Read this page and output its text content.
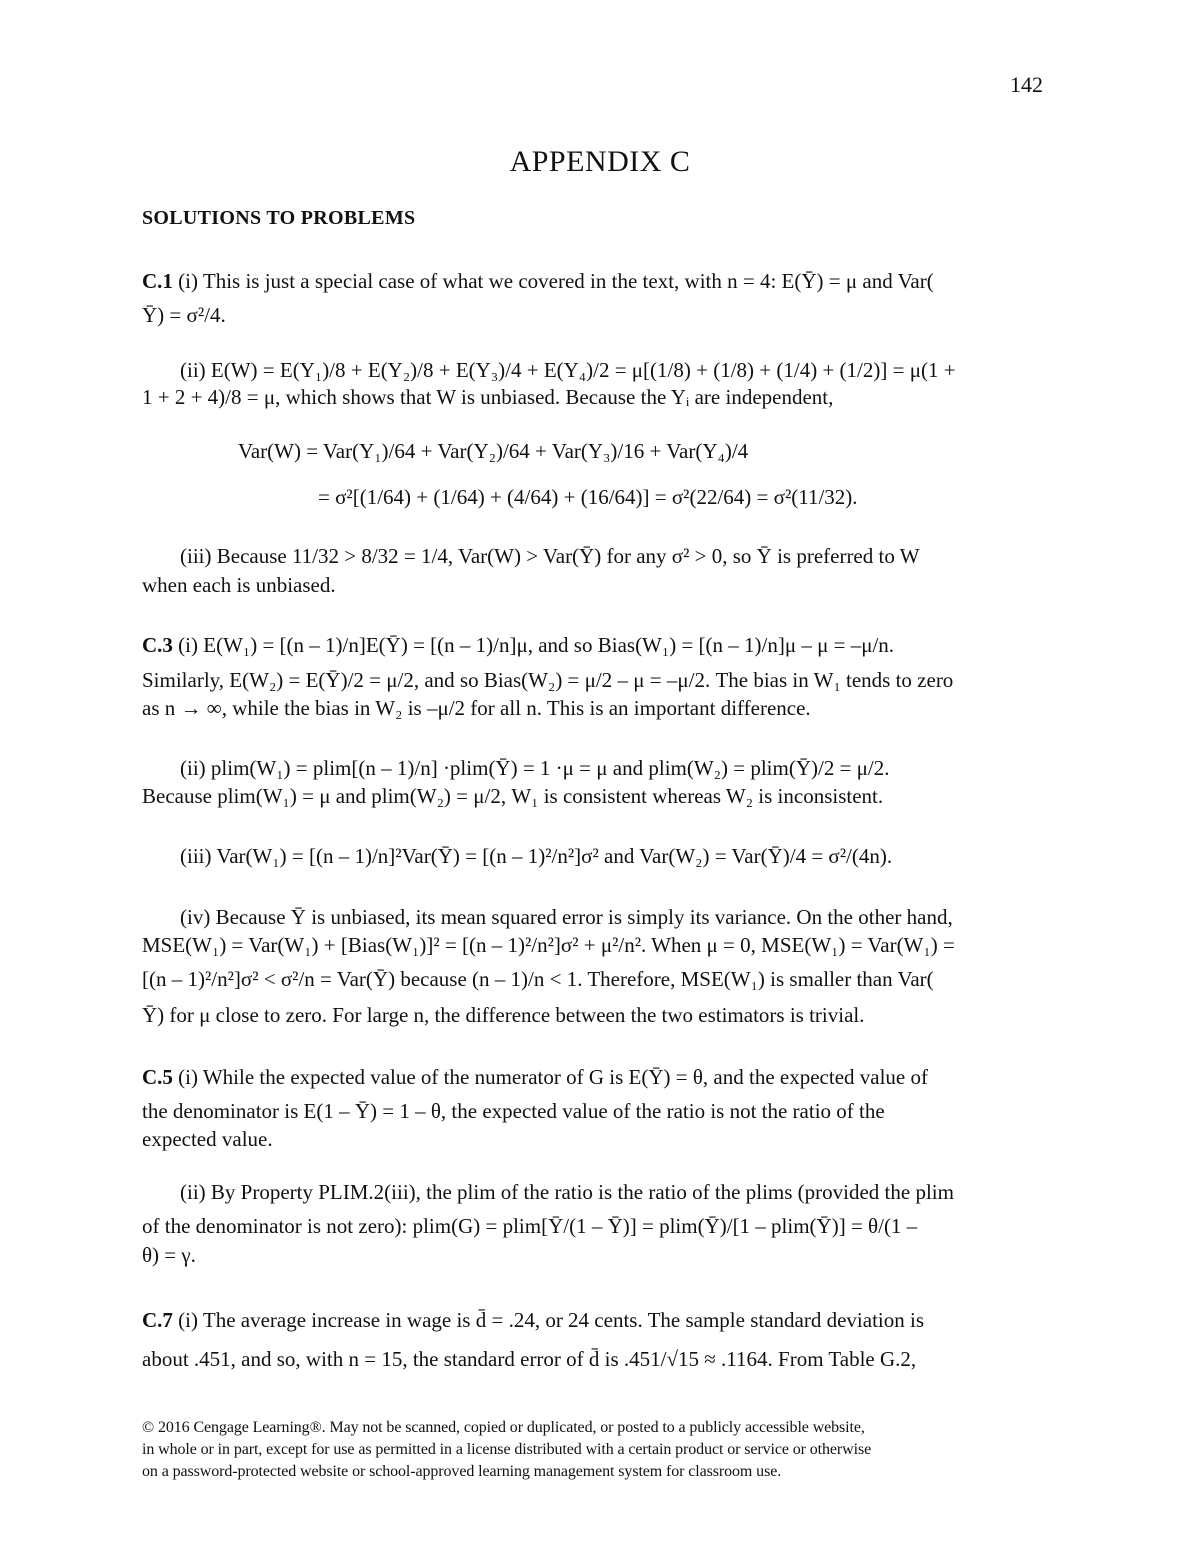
142
APPENDIX C
SOLUTIONS TO PROBLEMS
C.1 (i) This is just a special case of what we covered in the text, with n = 4: E(Ȳ) = μ and Var(
Ȳ) = σ²/4.
(ii) E(W) = E(Y₁)/8 + E(Y₂)/8 + E(Y₃)/4 + E(Y₄)/2 = μ[(1/8) + (1/8) + (1/4) + (1/2)] = μ(1 +
1 + 2 + 4)/8 = μ, which shows that W is unbiased. Because the Yᵢ are independent,
Var(W) = Var(Y₁)/64 + Var(Y₂)/64 + Var(Y₃)/16 + Var(Y₄)/4
= σ²[(1/64) + (1/64) + (4/64) + (16/64)] = σ²(22/64) = σ²(11/32).
(iii) Because 11/32 > 8/32 = 1/4, Var(W) > Var(Ȳ) for any σ² > 0, so Ȳ is preferred to W
when each is unbiased.
C.3 (i) E(W₁) = [(n – 1)/n]E(Ȳ) = [(n – 1)/n]μ, and so Bias(W₁) = [(n – 1)/n]μ – μ = –μ/n.
Similarly, E(W₂) = E(Ȳ)/2 = μ/2, and so Bias(W₂) = μ/2 – μ = –μ/2. The bias in W₁ tends to zero
as n → ∞, while the bias in W₂ is –μ/2 for all n. This is an important difference.
(ii) plim(W₁) = plim[(n – 1)/n] ·plim(Ȳ) = 1 ·μ = μ and plim(W₂) = plim(Ȳ)/2 = μ/2.
Because plim(W₁) = μ and plim(W₂) = μ/2, W₁ is consistent whereas W₂ is inconsistent.
(iii) Var(W₁) = [(n – 1)/n]²Var(Ȳ) = [(n – 1)²/n²]σ² and Var(W₂) = Var(Ȳ)/4 = σ²/(4n).
(iv) Because Ȳ is unbiased, its mean squared error is simply its variance. On the other hand,
MSE(W₁) = Var(W₁) + [Bias(W₁)]² = [(n – 1)²/n²]σ² + μ²/n². When μ = 0, MSE(W₁) = Var(W₁) =
[(n – 1)²/n²]σ² < σ²/n = Var(Ȳ) because (n – 1)/n < 1. Therefore, MSE(W₁) is smaller than Var(
Ȳ) for μ close to zero. For large n, the difference between the two estimators is trivial.
C.5 (i) While the expected value of the numerator of G is E(Ȳ) = θ, and the expected value of
the denominator is E(1 – Ȳ) = 1 – θ, the expected value of the ratio is not the ratio of the
expected value.
(ii) By Property PLIM.2(iii), the plim of the ratio is the ratio of the plims (provided the plim
of the denominator is not zero): plim(G) = plim[Ȳ/(1 – Ȳ)] = plim(Ȳ)/[1 – plim(Ȳ)] = θ/(1 –
θ) = γ.
C.7 (i) The average increase in wage is d̄ = .24, or 24 cents. The sample standard deviation is
about .451, and so, with n = 15, the standard error of d̄ is .451/√15 ≈ .1164. From Table G.2,
© 2016 Cengage Learning®. May not be scanned, copied or duplicated, or posted to a publicly accessible website,
in whole or in part, except for use as permitted in a license distributed with a certain product or service or otherwise
on a password-protected website or school-approved learning management system for classroom use.
